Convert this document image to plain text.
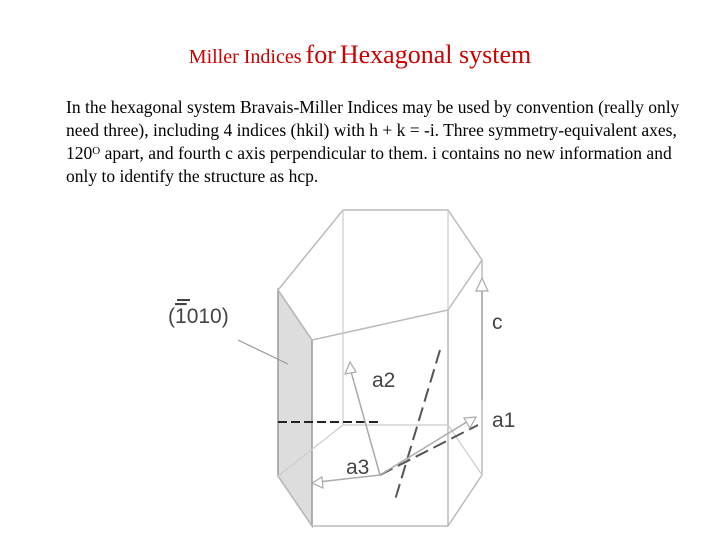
Miller Indices for Hexagonal system
In the hexagonal system Bravais-Miller Indices may be used by convention (really only need three), including 4 indices (hkil) with h + k = -i. Three symmetry-equivalent axes, $120^O$ apart, and fourth c axis perpendicular to them. i contains no new information and only to identify the structure as hcp.
(1010)	c
a2
a1
a3
